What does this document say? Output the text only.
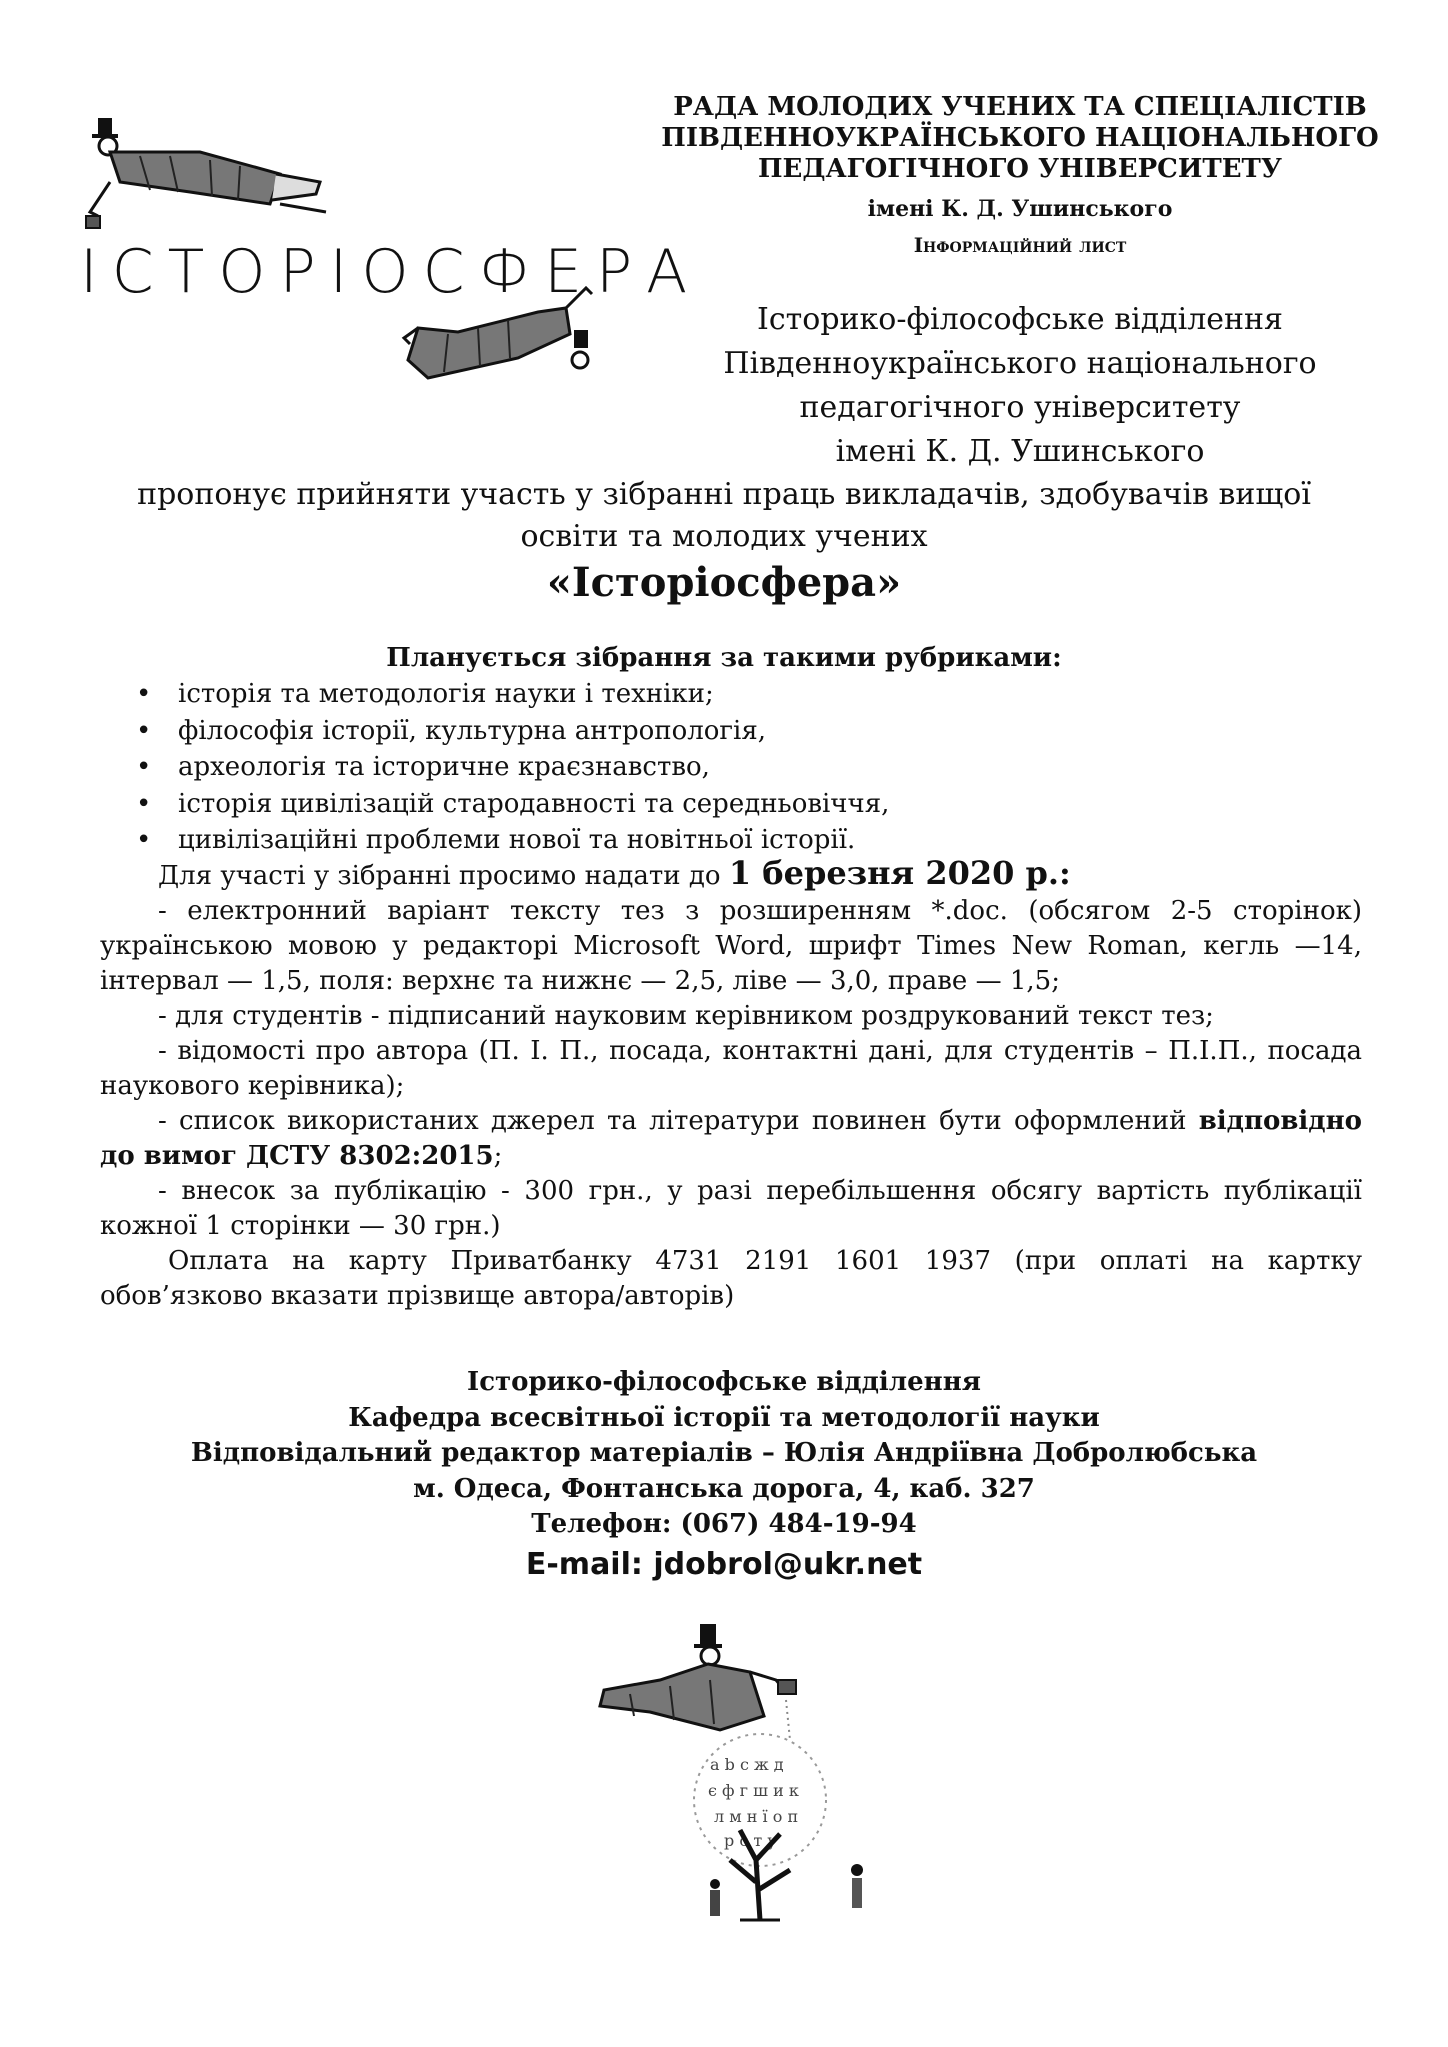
ІСТОРІОСФЕРА
РАДА МОЛОДИХ УЧЕНИХ ТА СПЕЦІАЛІСТІВ
ПІВДЕННОУКРАЇНСЬКОГО НАЦІОНАЛЬНОГО
ПЕДАГОГІЧНОГО УНІВЕРСИТЕТУ
імені К. Д. Ушинського
Інформаційний лист
Історико-філософське відділення
Південноукраїнського національного
педагогічного університету
імені К. Д. Ушинського
пропонує прийняти участь у зібранні праць викладачів, здобувачів вищої
освіти та молодих учених
«Історіосфера»
Планується зібрання за такими рубриками:
• історія та методологія науки і техніки;
• філософія історії, культурна антропологія,
• археологія та історичне краєзнавство,
• історія цивілізацій стародавності та середньовіччя,
• цивілізаційні проблеми нової та новітньої історії.

Для участі у зібранні просимо надати до 1 березня 2020 р.:

- електронний варіант тексту тез з розширенням *.doc. (обсягом 2-5 сторінок) українською мовою у редакторі Microsoft Word, шрифт Times New Roman, кегль —14, інтервал — 1,5, поля: верхнє та нижнє — 2,5, ліве — 3,0, праве — 1,5;

- для студентів - підписаний науковим керівником роздрукований текст тез;

- відомості про автора (П. І. П., посада, контактні дані, для студентів – П.І.П., посада наукового керівника);

- список використаних джерел та літератури повинен бути оформлений відповідно до вимог ДСТУ 8302:2015;

- внесок за публікацію - 300 грн., у разі перебільшення обсягу вартість публікації кожної 1 сторінки — 30 грн.)

Оплата на карту Приватбанку 4731 2191 1601 1937 (при оплаті на картку обов’язково вказати прізвище автора/авторів)

Історико-філософське відділення
Кафедра всесвітньої історії та методології науки
Відповідальний редактор матеріалів – Юлія Андріївна Добролюбська
м. Одеса, Фонтанська дорога, 4, каб. 327
Телефон: (067) 484-19-94
E-mail: jdobrol@ukr.net
a b c ж д
є ф г ш и к
л м н ї о п
р с т у
